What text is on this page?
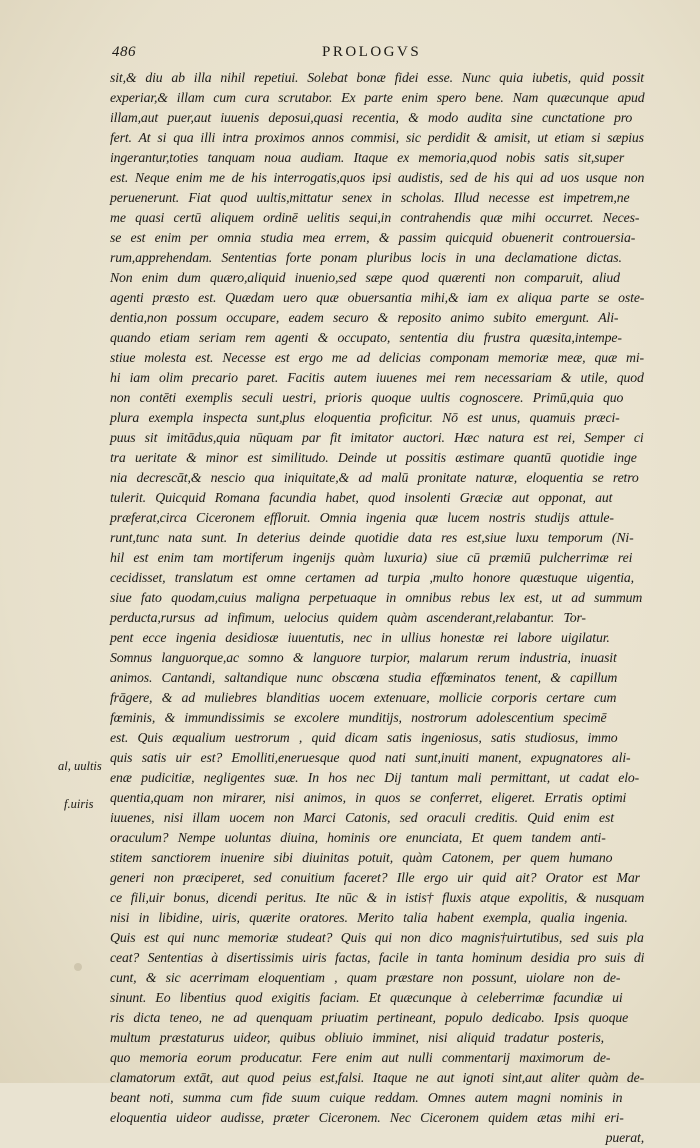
486	PROLOGVS
al, uultis
f.uiris
sit,& diu ab illa nihil repetiui. Solebat bonæ fidei esse. Nunc quia iubetis, quid possit
experiar,& illam cum cura scrutabor. Ex parte enim spero bene. Nam quæcunque apud
illam,aut puer,aut iuuenis deposui,quasi recentia, & modo audita sine cunctatione pro
fert. At si qua illi intra proximos annos commisi, sic perdidit & amisit, ut etiam si sæpius
ingerantur,toties tanquam noua audiam. Itaque ex memoria,quod nobis satis sit,super
est. Neque enim me de his interrogatis,quos ipsi audistis, sed de his qui ad uos usque non
peruenerunt. Fiat quod uultis,mittatur senex in scholas. Illud necesse est impetrem,ne
me quasi certū aliquem ordinē uelitis sequi,in contrahendis quæ mihi occurret. Neces-
se est enim per omnia studia mea errem, & passim quicquid obuenerit controuersia-
rum,apprehendam. Sententias forte ponam pluribus locis in una declamatione dictas.
Non enim dum quæro,aliquid inuenio,sed sæpe quod quærenti non comparuit, aliud
agenti præsto est. Quædam uero quæ obuersantia mihi,& iam ex aliqua parte se oste-
dentia,non possum occupare, eadem securo & reposito animo subito emergunt. Ali-
quando etiam seriam rem agenti & occupato, sententia diu frustra quæsita,intempe-
stiue molesta est. Necesse est ergo me ad delicias componam memoriæ meæ, quæ mi-
hi iam olim precario paret. Facitis autem iuuenes mei rem necessariam & utile, quod
non contēti exemplis seculi uestri, prioris quoque uultis cognoscere. Primū,quia quo
plura exempla inspecta sunt,plus eloquentia proficitur. Nō est unus, quamuis præci-
puus sit imitādus,quia nūquam par fit imitator auctori. Hæc natura est rei, Semper ci
tra ueritate & minor est similitudo. Deinde ut possitis æstimare quantū quotidie inge
nia decrescāt,& nescio qua iniquitate,& ad malū pronitate naturæ, eloquentia se retro
tulerit. Quicquid Romana facundia habet, quod insolenti Græciæ aut opponat, aut
præferat,circa Ciceronem effloruit. Omnia ingenia quæ lucem nostris studijs attule-
runt,tunc nata sunt. In deterius deinde quotidie data res est,siue luxu temporum (Ni-
hil est enim tam mortiferum ingenijs quàm luxuria) siue cū præmiū pulcherrimæ rei
cecidisset, translatum est omne certamen ad turpia ,multo honore quæstuque uigentia,
siue fato quodam,cuius maligna perpetuaque in omnibus rebus lex est, ut ad summum
perducta,rursus ad infimum, uelocius quidem quàm ascenderant,relabantur. Tor-
pent ecce ingenia desidiosæ iuuentutis, nec in ullius honestæ rei labore uigilatur.
Somnus languorque,ac somno & languore turpior, malarum rerum industria, inuasit
animos. Cantandi, saltandique nunc obscœna studia effœminatos tenent, & capillum
frāgere, & ad muliebres blanditias uocem extenuare, mollicie corporis certare cum
fœminis, & immundissimis se excolere munditijs, nostrorum adolescentium specimē
est. Quis æqualium uestrorum , quid dicam satis ingeniosus, satis studiosus, immo
quis satis uir est? Emolliti,eneruesque quod nati sunt,inuiti manent, expugnatores ali-
enæ pudicitiæ, negligentes suæ. In hos nec Dij tantum mali permittant, ut cadat elo-
quentia,quam non mirarer, nisi animos, in quos se conferret, eligeret. Erratis optimi
iuuenes, nisi illam uocem non Marci Catonis, sed oraculi creditis. Quid enim est
oraculum? Nempe uoluntas diuina, hominis ore enunciata, Et quem tandem anti-
stitem sanctiorem inuenire sibi diuinitas potuit, quàm Catonem, per quem humano
generi non præciperet, sed conuitium faceret? Ille ergo uir quid ait? Orator est Mar
ce fili,uir bonus, dicendi peritus. Ite nūc & in istis† fluxis atque expolitis, & nusquam
nisi in libidine, uiris, quærite oratores. Merito talia habent exempla, qualia ingenia.
Quis est qui nunc memoriæ studeat? Quis qui non dico magnis†uirtutibus, sed suis pla
ceat? Sententias à disertissimis uiris factas, facile in tanta hominum desidia pro suis di
cunt, & sic acerrimam eloquentiam , quam præstare non possunt, uiolare non de-
sinunt. Eo libentius quod exigitis faciam. Et quæcunque à celeberrimæ facundiæ ui
ris dicta teneo, ne ad quenquam priuatim pertineant, populo dedicabo. Ipsis quoque
multum præstaturus uideor, quibus obliuio imminet, nisi aliquid tradatur posteris,
quo memoria eorum producatur. Fere enim aut nulli commentarij maximorum de-
clamatorum extāt, aut quod peius est,falsi. Itaque ne aut ignoti sint,aut aliter quàm de-
beant noti, summa cum fide suum cuique reddam. Omnes autem magni nominis in
eloquentia uideor audisse, præter Ciceronem. Nec Ciceronem quidem ætas mihi eri-
puerat,
